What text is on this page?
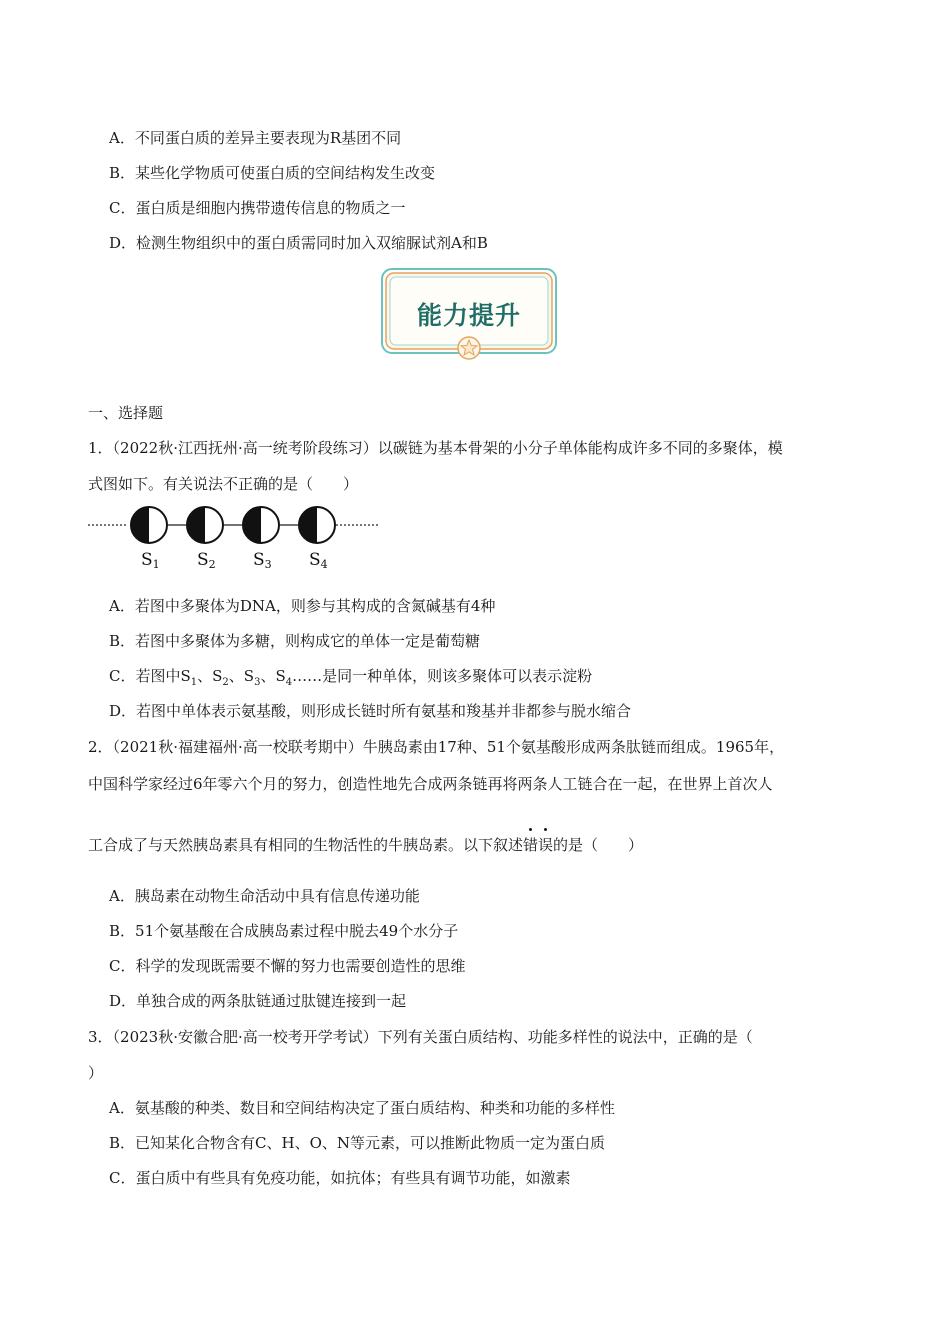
A．不同蛋白质的差异主要表现为R基团不同
B．某些化学物质可使蛋白质的空间结构发生改变
C．蛋白质是细胞内携带遗传信息的物质之一
D．检测生物组织中的蛋白质需同时加入双缩脲试剂A和B
能力提升
一、选择题
1．（2022秋·江西抚州·高一统考阶段练习）以碳链为基本骨架的小分子单体能构成许多不同的多聚体，模
式图如下。有关说法不正确的是（　　）
S1 S2 S3 S4
A．若图中多聚体为DNA，则参与其构成的含氮碱基有4种
B．若图中多聚体为多糖，则构成它的单体一定是葡萄糖
C．若图中$S_1$、$S_2$、$S_3$、$S_4\dots\dots$是同一种单体，则该多聚体可以表示淀粉
D．若图中单体表示氨基酸，则形成长链时所有氨基和羧基并非都参与脱水缩合
2．（2021秋·福建福州·高一校联考期中）牛胰岛素由17种、51个氨基酸形成两条肽链而组成。1965年，
中国科学家经过6年零六个月的努力，创造性地先合成两条链再将两条人工链合在一起，在世界上首次人
工合成了与天然胰岛素具有相同的生物活性的牛胰岛素。以下叙述错误的是（　　）
A．胰岛素在动物生命活动中具有信息传递功能
B．51个氨基酸在合成胰岛素过程中脱去49个水分子
C．科学的发现既需要不懈的努力也需要创造性的思维
D．单独合成的两条肽链通过肽键连接到一起
3．（2023秋·安徽合肥·高一校考开学考试）下列有关蛋白质结构、功能多样性的说法中，正确的是（
）
A．氨基酸的种类、数目和空间结构决定了蛋白质结构、种类和功能的多样性
B．已知某化合物含有C、H、O、N等元素，可以推断此物质一定为蛋白质
C．蛋白质中有些具有免疫功能，如抗体；有些具有调节功能，如激素
